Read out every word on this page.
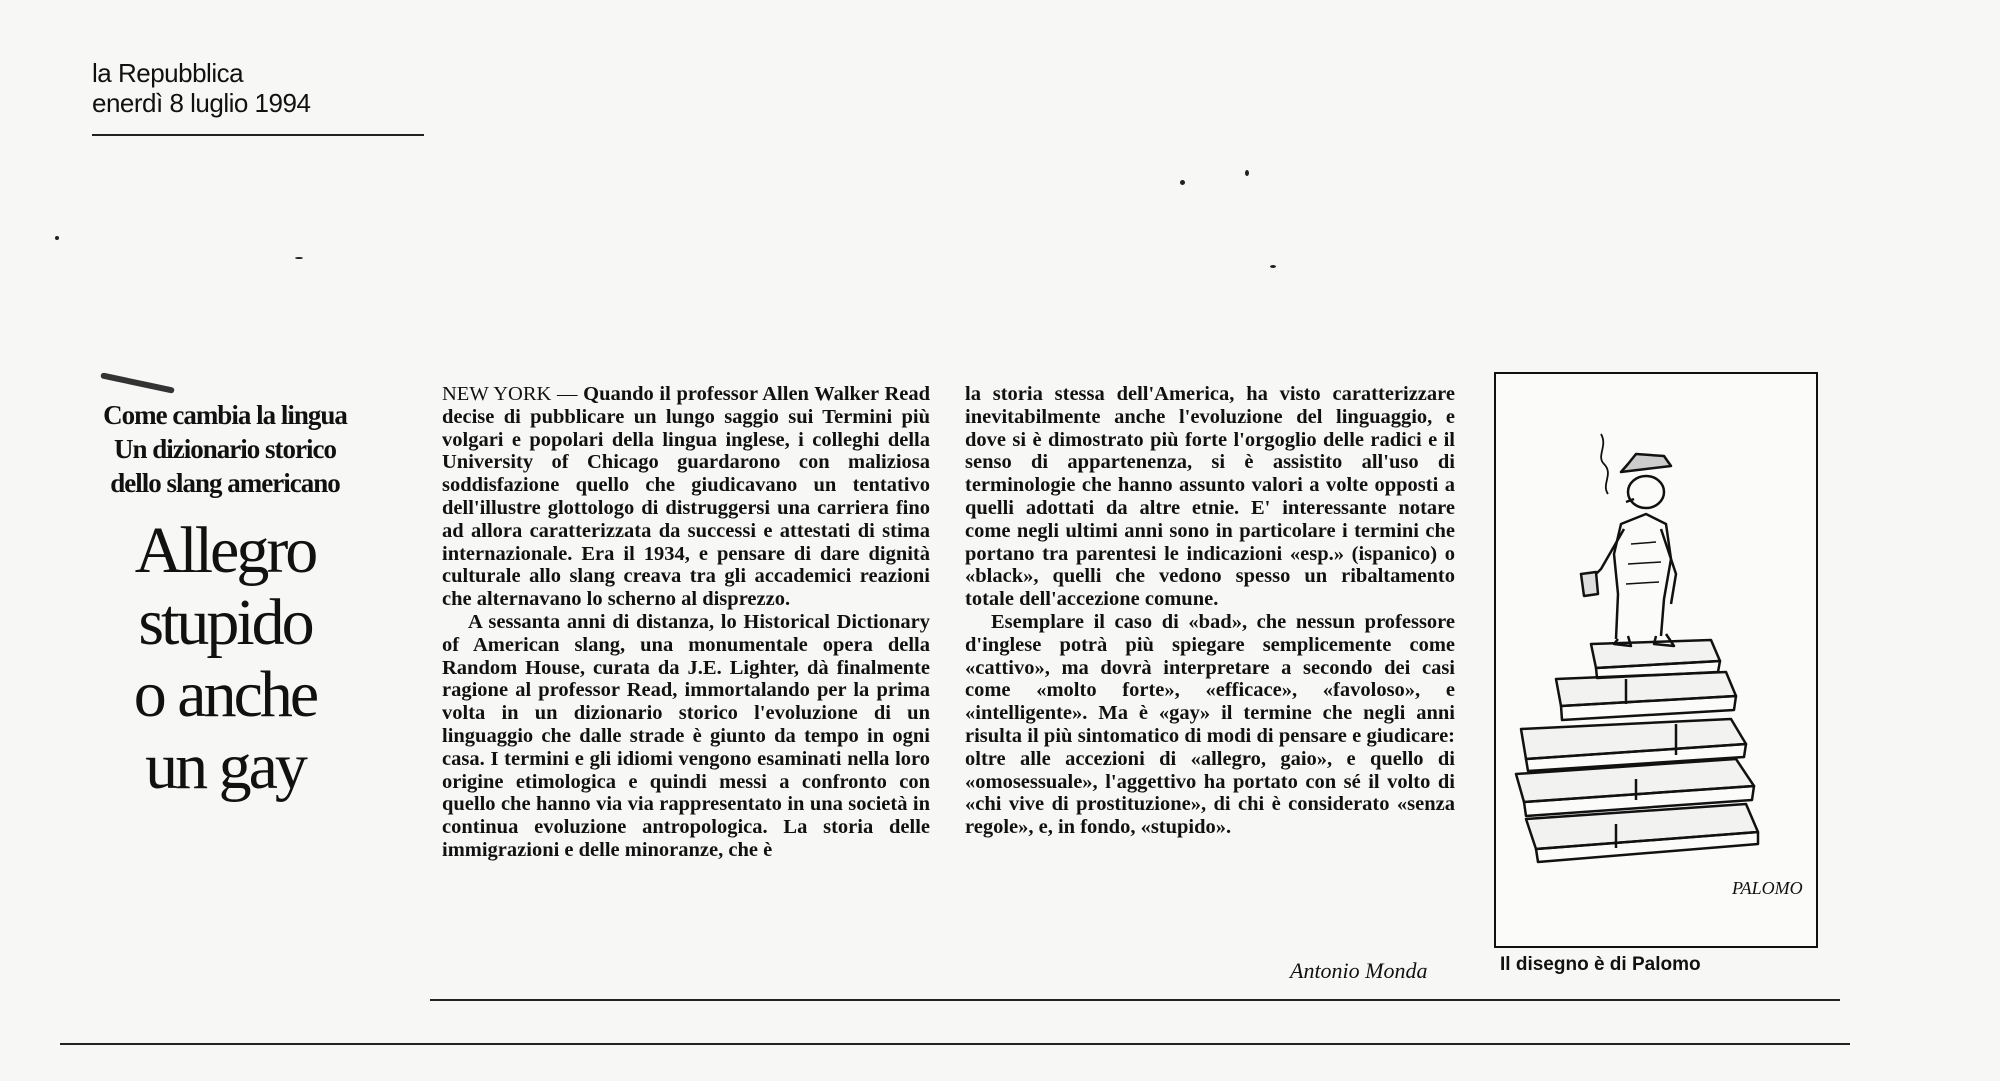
la Repubblica
enerdì 8 luglio 1994
Come cambia la lingua
Un dizionario storico
dello slang americano
Allegro
stupido
o anche
un gay

NEW YORK — Quando il professor Allen Walker Read decise di pubblicare un lungo saggio sui Termini più volgari e popolari della lingua inglese, i colleghi della University of Chicago guardarono con maliziosa soddisfazione quello che giudicavano un tentativo dell'illustre glottologo di distruggersi una carriera fino ad allora caratterizzata da successi e attestati di stima internazionale. Era il 1934, e pensare di dare dignità culturale allo slang creava tra gli accademici reazioni che alternavano lo scherno al disprezzo.

A sessanta anni di distanza, lo Historical Dictionary of American slang, una monumentale opera della Random House, curata da J.E. Lighter, dà finalmente ragione al professor Read, immortalando per la prima volta in un dizionario storico l'evoluzione di un linguaggio che dalle strade è giunto da tempo in ogni casa. I termini e gli idiomi vengono esaminati nella loro origine etimologica e quindi messi a confronto con quello che hanno via via rappresentato in una società in continua evoluzione antropologica. La storia delle immigrazioni e delle minoranze, che è

la storia stessa dell'America, ha visto caratterizzare inevitabilmente anche l'evoluzione del linguaggio, e dove si è dimostrato più forte l'orgoglio delle radici e il senso di appartenenza, si è assistito all'uso di terminologie che hanno assunto valori a volte opposti a quelli adottati da altre etnie. E' interessante notare come negli ultimi anni sono in particolare i termini che portano tra parentesi le indicazioni «esp.» (ispanico) o «black», quelli che vedono spesso un ribaltamento totale dell'accezione comune.

Esemplare il caso di «bad», che nessun professore d'inglese potrà più spiegare semplicemente come «cattivo», ma dovrà interpretare a secondo dei casi come «molto forte», «efficace», «favoloso», e «intelligente». Ma è «gay» il termine che negli anni risulta il più sintomatico di modi di pensare e giudicare: oltre alle accezioni di «allegro, gaio», e quello di «omosessuale», l'aggettivo ha portato con sé il volto di «chi vive di prostituzione», di chi è considerato «senza regole», e, in fondo, «stupido».

Antonio Monda
PALOMO
Il disegno è di Palomo
